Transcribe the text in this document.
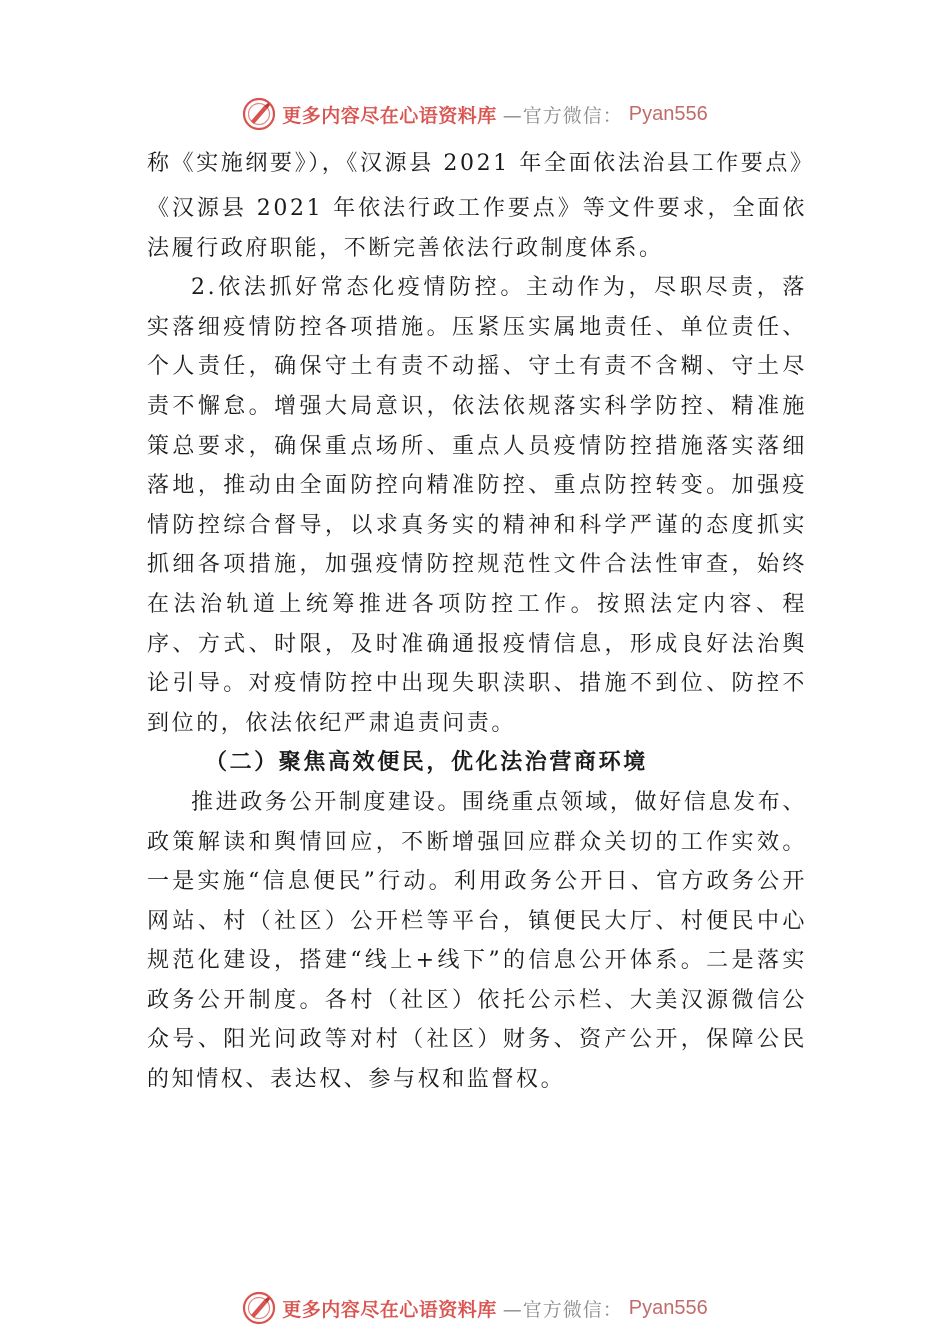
更多内容尽在心语资料库 —官方微信： Pyan556

称《实施纲要》），《汉源县 2021 年全面依法治县工作要点》

《汉源县 2021 年依法行政工作要点》等文件要求，全面依法履行政府职能，不断完善依法行政制度体系。

2.依法抓好常态化疫情防控。主动作为，尽职尽责，落实落细疫情防控各项措施。压紧压实属地责任、单位责任、 个人责任，确保守土有责不动摇、守土有责不含糊、守土尽责不懈怠。增强大局意识，依法依规落实科学防控、精准施策总要求，确保重点场所、重点人员疫情防控措施落实落细落地，推动由全面防控向精准防控、重点防控转变。加强疫情防控综合督导，以求真务实的精神和科学严谨的态度抓实抓细各项措施，加强疫情防控规范性文件合法性审查，始终在法治轨道上统筹推进各项防控工作。按照法定内容、程序、方式、时限，及时准确通报疫情信息，形成良好法治舆论引导。对疫情防控中出现失职渎职、措施不到位、防控不到位的，依法依纪严肃追责问责。

（二）聚焦高效便民，优化法治营商环境

推进政务公开制度建设。围绕重点领域，做好信息发布、政策解读和舆情回应，不断增强回应群众关切的工作实效。 一是实施“信息便民”行动。利用政务公开日、官方政务公开网站、村（社区）公开栏等平台，镇便民大厅、村便民中心规范化建设，搭建“线上+线下”的信息公开体系。二是落实政务公开制度。各村（社区）依托公示栏、大美汉源微信公众号、阳光问政等对村（社区）财务、资产公开，保障公民的知情权、表达权、参与权和监督权。

更多内容尽在心语资料库 —官方微信： Pyan556
